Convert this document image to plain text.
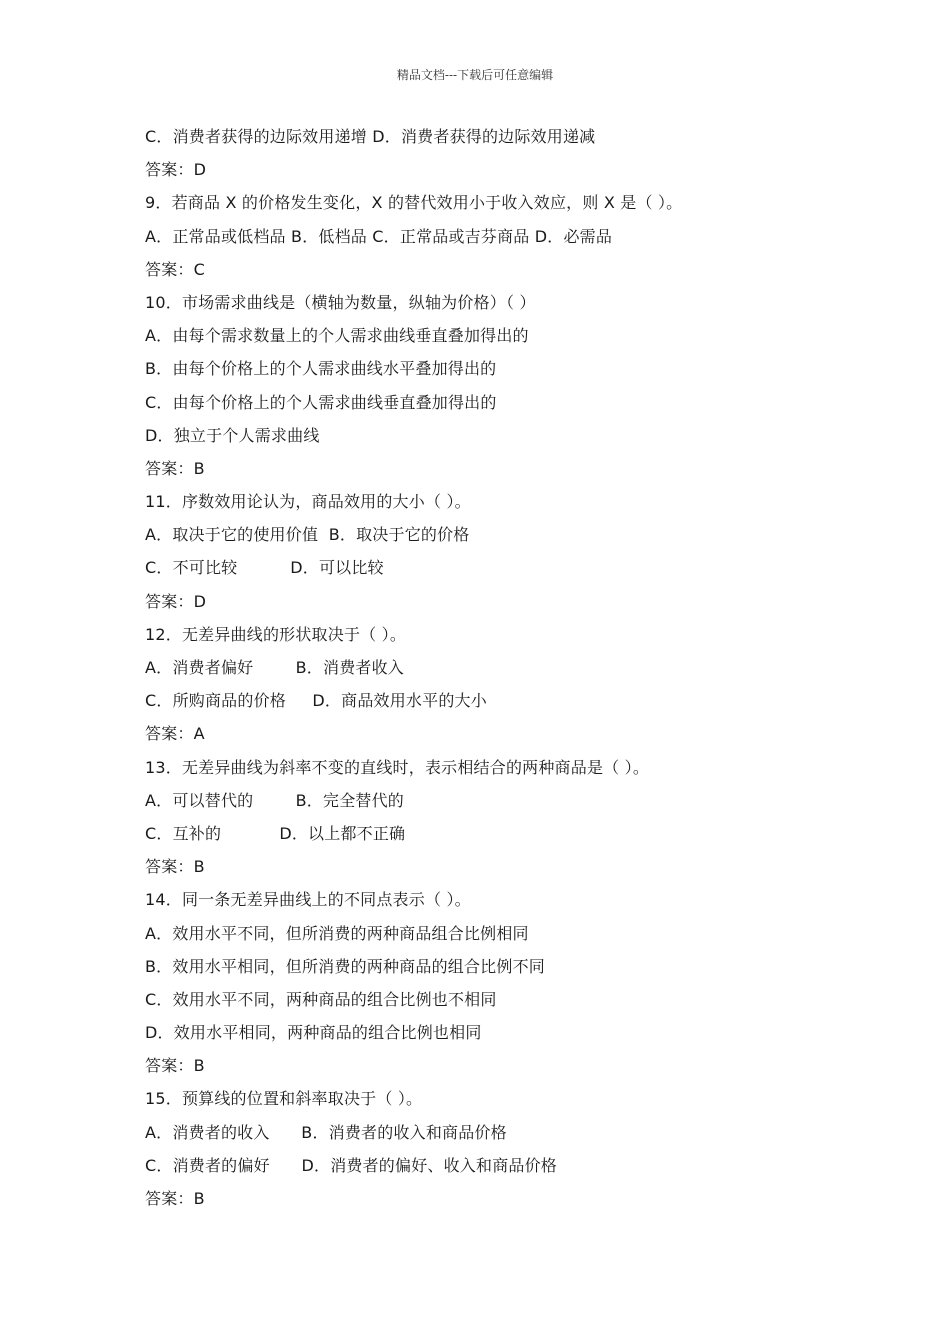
精品文档---下载后可任意编辑
C．消费者获得的边际效用递增 D．消费者获得的边际效用递减
答案：D
9．若商品 X 的价格发生变化，X 的替代效用小于收入效应，则 X 是（ ）。
A．正常品或低档品 B．低档品 C．正常品或吉芬商品 D．必需品
答案：C
10．市场需求曲线是（横轴为数量，纵轴为价格）（ ）
A．由每个需求数量上的个人需求曲线垂直叠加得出的
B．由每个价格上的个人需求曲线水平叠加得出的
C．由每个价格上的个人需求曲线垂直叠加得出的
D．独立于个人需求曲线
答案：B
11．序数效用论认为，商品效用的大小（ ）。
A．取决于它的使用价值  B．取决于它的价格
C．不可比较          D．可以比较
答案：D
12．无差异曲线的形状取决于（ ）。
A．消费者偏好        B．消费者收入
C．所购商品的价格     D．商品效用水平的大小
答案：A
13．无差异曲线为斜率不变的直线时，表示相结合的两种商品是（ ）。
A．可以替代的        B．完全替代的
C．互补的           D．以上都不正确
答案：B
14．同一条无差异曲线上的不同点表示（ ）。
A．效用水平不同，但所消费的两种商品组合比例相同
B．效用水平相同，但所消费的两种商品的组合比例不同
C．效用水平不同，两种商品的组合比例也不相同
D．效用水平相同，两种商品的组合比例也相同
答案：B
15．预算线的位置和斜率取决于（ ）。
A．消费者的收入      B．消费者的收入和商品价格
C．消费者的偏好      D．消费者的偏好、收入和商品价格
答案：B
